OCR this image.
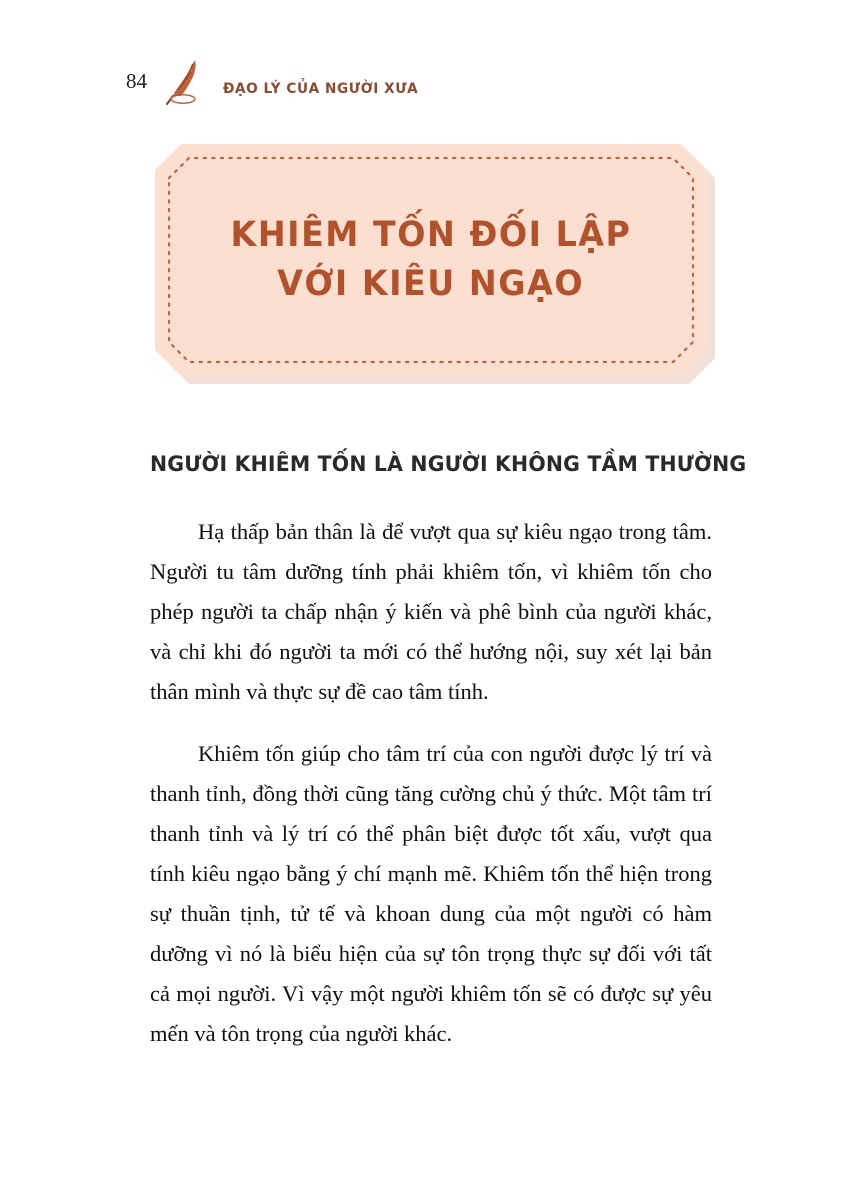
84	ĐẠO LÝ CỦA NGƯỜI XƯA
KHIÊM TỐN ĐỐI LẬP
VỚI KIÊU NGẠO
NGƯỜI KHIÊM TỐN LÀ NGƯỜI KHÔNG TẦM THƯỜNG

Hạ thấp bản thân là để vượt qua sự kiêu ngạo trong tâm. Người tu tâm dưỡng tính phải khiêm tốn, vì khiêm tốn cho phép người ta chấp nhận ý kiến và phê bình của người khác, và chỉ khi đó người ta mới có thể hướng nội, suy xét lại bản thân mình và thực sự đề cao tâm tính.

Khiêm tốn giúp cho tâm trí của con người được lý trí và thanh tỉnh, đồng thời cũng tăng cường chủ ý thức. Một tâm trí thanh tỉnh và lý trí có thể phân biệt được tốt xấu, vượt qua tính kiêu ngạo bằng ý chí mạnh mẽ. Khiêm tốn thể hiện trong sự thuần tịnh, tử tế và khoan dung của một người có hàm dưỡng vì nó là biểu hiện của sự tôn trọng thực sự đối với tất cả mọi người. Vì vậy một người khiêm tốn sẽ có được sự yêu mến và tôn trọng của người khác.
